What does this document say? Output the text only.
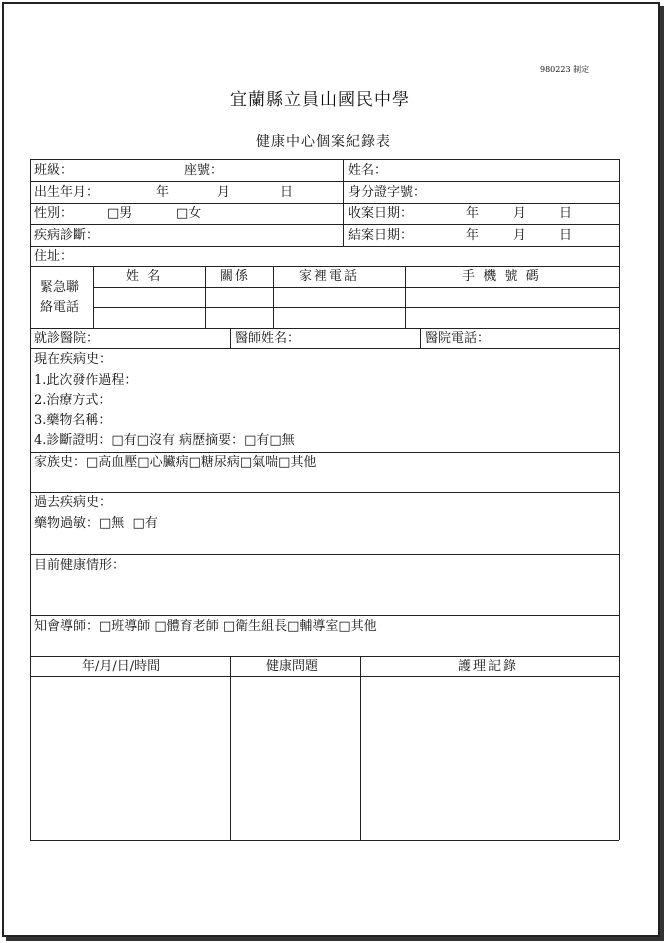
980223 制定
宜蘭縣立員山國民中學
健康中心個案紀錄表
班級：	座號：	姓名：
出生年月：	年	月	日	身分證字號：
性別：	□男	□女	收案日期：	年	月	日
疾病診斷：	結案日期：	年	月	日
住址：
緊急聯
絡電話
姓  名	關係	家裡電話	手  機  號  碼
就診醫院：	醫師姓名：	醫院電話：
現在疾病史：
1.此次發作過程：
2.治療方式：
3.藥物名稱：
4.診斷證明：□有□沒有 病歷摘要：□有□無
家族史：□高血壓□心臟病□糖尿病□氣喘□其他
過去疾病史：
藥物過敏：□無  □有
目前健康情形：
知會導師：□班導師 □體育老師 □衛生組長□輔導室□其他
年/月/日/時間	健康問題	護理記錄
